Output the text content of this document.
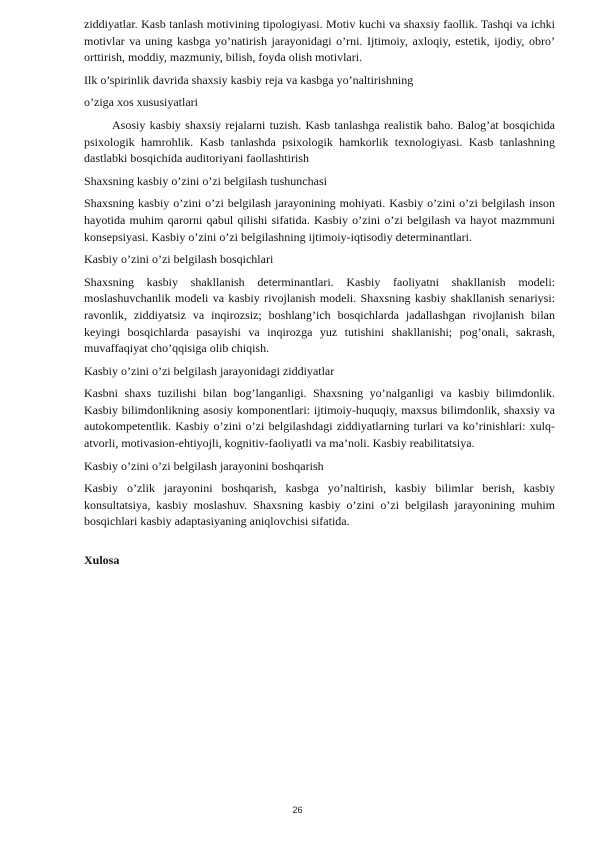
ziddiyatlar. Kasb tanlash motivining tipologiyasi. Motiv kuchi va shaxsiy faollik. Tashqi va ichki motivlar va uning kasbga yo’natirish jarayonidagi o’rni. Ijtimoiy, axloqiy, estetik, ijodiy, obro’ orttirish, moddiy, mazmuniy, bilish, foyda olish motivlari.

Ilk o’spirinlik davrida shaxsiy kasbiy reja va kasbga yo’naltirishning

o’ziga xos xususiyatlari

Asosiy kasbiy shaxsiy rejalarni tuzish. Kasb tanlashga realistik baho. Balog’at bosqichida psixologik hamrohlik. Kasb tanlashda psixologik hamkorlik texnologiyasi. Kasb tanlashning dastlabki bosqichida auditoriyani faollashtirish

Shaxsning kasbiy o’zini o’zi belgilash tushunchasi

Shaxsning kasbiy o’zini o’zi belgilash jarayonining mohiyati. Kasbiy o’zini o’zi belgilash inson hayotida muhim qarorni qabul qilishi sifatida. Kasbiy o’zini o’zi belgilash va hayot mazmmuni konsepsiyasi. Kasbiy o’zini o’zi belgilashning ijtimoiy-iqtisodiy determinantlari.

Kasbiy o’zini o’zi belgilash bosqichlari

Shaxsning kasbiy shakllanish determinantlari. Kasbiy faoliyatni shakllanish modeli: moslashuvchanlik modeli va kasbiy rivojlanish modeli. Shaxsning kasbiy shakllanish senariysi: ravonlik, ziddiyatsiz va inqirozsiz; boshlang’ich bosqichlarda jadallashgan rivojlanish bilan keyingi bosqichlarda pasayishi va inqirozga yuz tutishini shakllanishi; pog’onali, sakrash, muvaffaqiyat cho’qqisiga olib chiqish.

Kasbiy o’zini o’zi belgilash jarayonidagi ziddiyatlar

Kasbni shaxs tuzilishi bilan bog’langanligi. Shaxsning yo’nalganligi va kasbiy bilimdonlik. Kasbiy bilimdonlikning asosiy komponentlari: ijtimoiy-huquqiy, maxsus bilimdonlik, shaxsiy va autokompetentlik. Kasbiy o’zini o’zi belgilashdagi ziddiyatlarning turlari va ko’rinishlari: xulq-atvorli, motivasion-ehtiyojli, kognitiv-faoliyatli va ma’noli. Kasbiy reabilitatsiya.

Kasbiy o’zini o’zi belgilash jarayonini boshqarish

Kasbiy o’zlik jarayonini boshqarish, kasbga yo’naltirish, kasbiy bilimlar berish, kasbiy konsultatsiya, kasbiy moslashuv. Shaxsning kasbiy o’zini o’zi belgilash jarayonining muhim bosqichlari kasbiy adaptasiyaning aniqlovchisi sifatida.

Xulosa

26
